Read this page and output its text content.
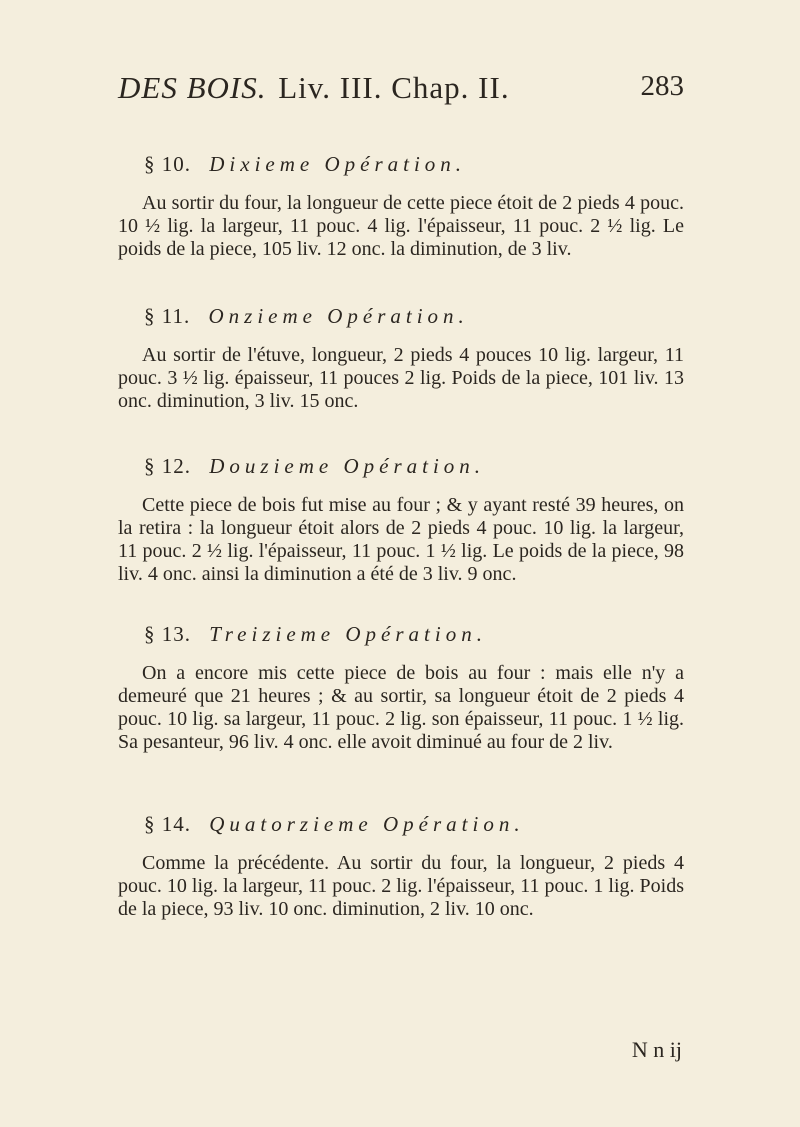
DES BOIS. Liv. III. Chap. II.	283
§ 10. Dixieme Opération.

Au sortir du four, la longueur de cette piece étoit de 2 pieds 4 pouc. 10 ½ lig. la largeur, 11 pouc. 4 lig. l'épaisseur, 11 pouc. 2 ½ lig. Le poids de la piece, 105 liv. 12 onc. la diminution, de 3 liv.

§ 11. Onzieme Opération.

Au sortir de l'étuve, longueur, 2 pieds 4 pouces 10 lig. largeur, 11 pouc. 3 ½ lig. épaisseur, 11 pouces 2 lig. Poids de la piece, 101 liv. 13 onc. diminution, 3 liv. 15 onc.

§ 12. Douzieme Opération.

Cette piece de bois fut mise au four ; & y ayant resté 39 heures, on la retira : la longueur étoit alors de 2 pieds 4 pouc. 10 lig. la largeur, 11 pouc. 2 ½ lig. l'épaisseur, 11 pouc. 1 ½ lig. Le poids de la piece, 98 liv. 4 onc. ainsi la diminution a été de 3 liv. 9 onc.

§ 13. Treizieme Opération.

On a encore mis cette piece de bois au four : mais elle n'y a demeuré que 21 heures ; & au sortir, sa longueur étoit de 2 pieds 4 pouc. 10 lig. sa largeur, 11 pouc. 2 lig. son épaisseur, 11 pouc. 1 ½ lig. Sa pesanteur, 96 liv. 4 onc. elle avoit diminué au four de 2 liv.

§ 14. Quatorzieme Opération.

Comme la précédente. Au sortir du four, la longueur, 2 pieds 4 pouc. 10 lig. la largeur, 11 pouc. 2 lig. l'épaisseur, 11 pouc. 1 lig. Poids de la piece, 93 liv. 10 onc. diminution, 2 liv. 10 onc.

N n ij
